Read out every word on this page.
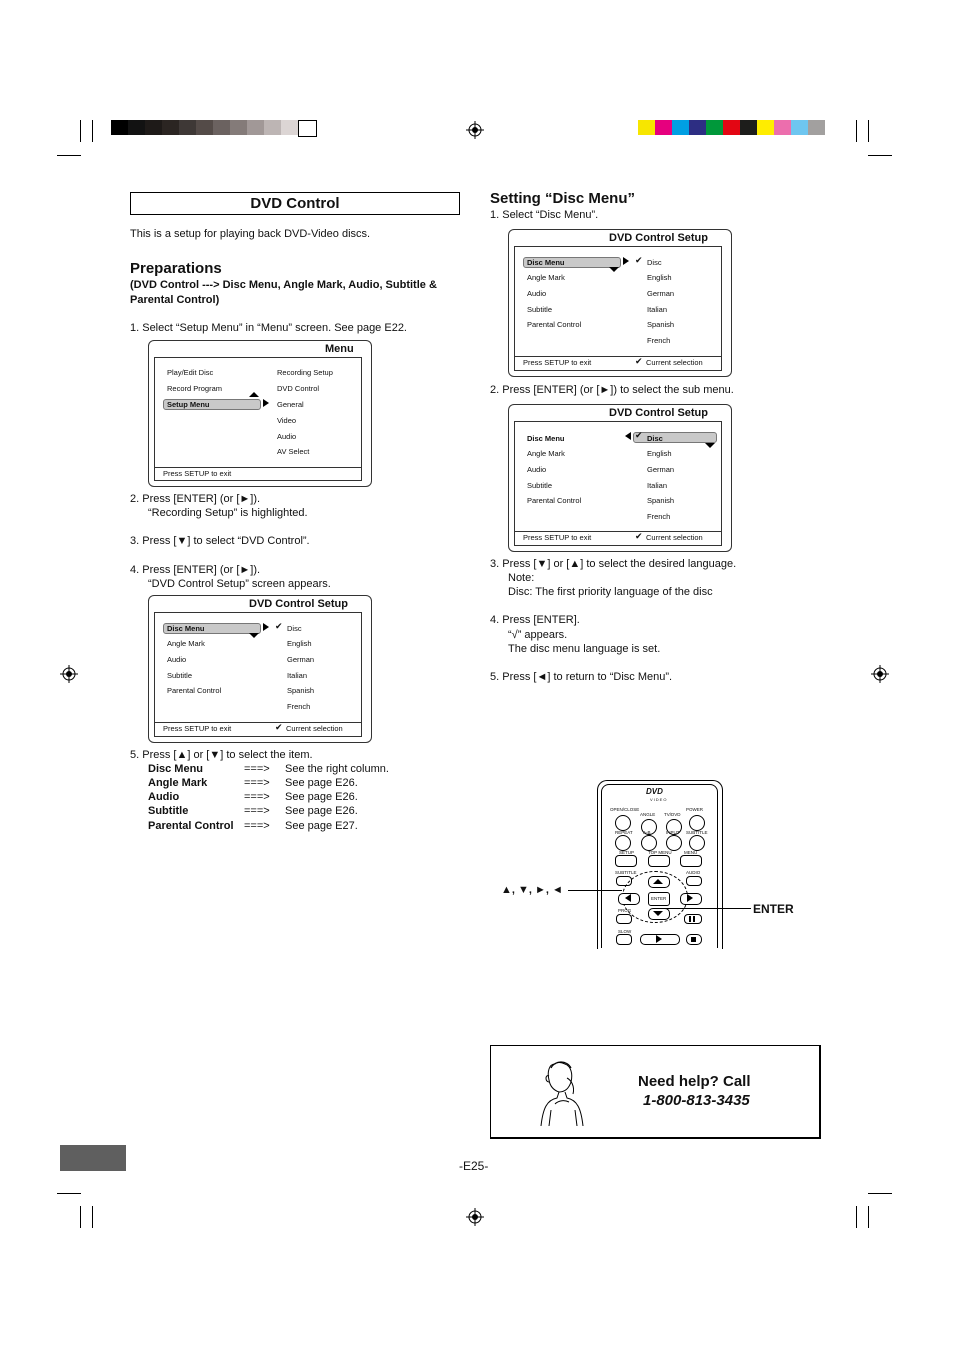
DVD Control
This is a setup for playing back DVD-Video discs.
Preparations
(DVD Control ---> Disc Menu, Angle Mark, Audio, Subtitle &
Parental Control)
1. Select “Setup Menu” in “Menu” screen. See page E22.
Menu
Play/Edit Disc
Record Program
Setup Menu
Recording Setup
DVD Control
General
Video
Audio
AV Select
Press SETUP to exit
2. Press [ENTER] (or [►]).
“Recording Setup” is highlighted.
3. Press [▼] to select “DVD Control”.
4. Press [ENTER] (or [►]).
“DVD Control Setup” screen appears.
DVD Control Setup
Disc Menu
Angle Mark
Audio
Subtitle
Parental Control
✔ Disc
English
German
Italian
Spanish
French
Press SETUP to exit	✔ Current selection
5. Press [▲] or [▼] to select the item.
Disc Menu	===> See the right column.
Angle Mark	===> See page E26.
Audio	===> See page E26.
Subtitle	===> See page E26.
Parental Control ===> See page E27.
Setting “Disc Menu”
1. Select “Disc Menu”.
DVD Control Setup
Disc Menu
Angle Mark
Audio
Subtitle
Parental Control
✔ Disc
English
German
Italian
Spanish
French
Press SETUP to exit	✔ Current selection
2. Press [ENTER] (or [►]) to select the sub menu.
DVD Control Setup
Disc Menu
Angle Mark
Audio
Subtitle
Parental Control
✔ Disc
English
German
Italian
Spanish
French
Press SETUP to exit	✔ Current selection
3. Press [▼] or [▲] to select the desired language.
Note:
Disc: The first priority language of the disc
4. Press [ENTER].
“√” appears.
The disc menu language is set.
5. Press [◄] to return to “Disc Menu”.
DVD
VIDEO
OPEN/CLOSE
ANGLE TV/DVD
POWER
REPEAT A-B	INPUT SUBTITLE
SETUP	TOP MENU	MENU
SUBTITLE	AUDIO
ENTER
PROG
SLOW
▲, ▼, ►, ◄
ENTER
Need help? Call
1-800-813-3435
-E25-
